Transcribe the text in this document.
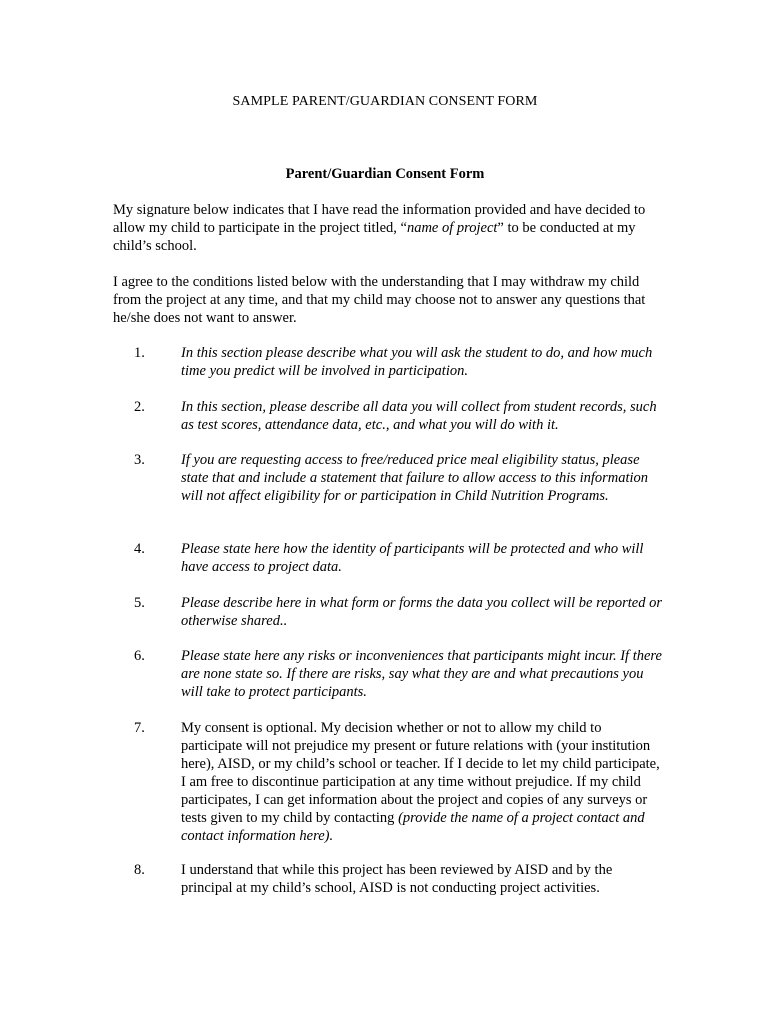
SAMPLE PARENT/GUARDIAN CONSENT FORM
Parent/Guardian Consent Form
My signature below indicates that I have read the information provided and have decided to allow my child to participate in the project titled, “name of project” to be conducted at my child’s school.
I agree to the conditions listed below with the understanding that I may withdraw my child from the project at any time, and that my child may choose not to answer any questions that he/she does not want to answer.
1. In this section please describe what you will ask the student to do, and how much time you predict will be involved in participation.
2. In this section, please describe all data you will collect from student records, such as test scores, attendance data, etc., and what you will do with it.
3. If you are requesting access to free/reduced price meal eligibility status, please state that and include a statement that failure to allow access to this information will not affect eligibility for or participation in Child Nutrition Programs.
4. Please state here how the identity of participants will be protected and who will have access to project data.
5. Please describe here in what form or forms the data you collect will be reported or otherwise shared..
6. Please state here any risks or inconveniences that participants might incur. If there are none state so. If there are risks, say what they are and what precautions you will take to protect participants.
7. My consent is optional. My decision whether or not to allow my child to participate will not prejudice my present or future relations with (your institution here), AISD, or my child’s school or teacher. If I decide to let my child participate, I am free to discontinue participation at any time without prejudice. If my child participates, I can get information about the project and copies of any surveys or tests given to my child by contacting (provide the name of a project contact and contact information here).
8. I understand that while this project has been reviewed by AISD and by the principal at my child’s school, AISD is not conducting project activities.
